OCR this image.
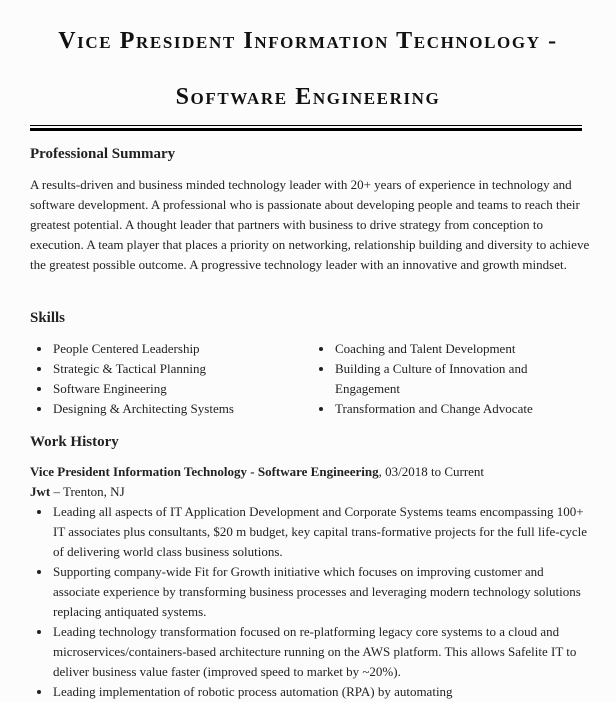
Vice President Information Technology -
Software Engineering
Professional Summary

A results-driven and business minded technology leader with 20+ years of experience in technology and software development. A professional who is passionate about developing people and teams to reach their greatest potential. A thought leader that partners with business to drive strategy from conception to execution. A team player that places a priority on networking, relationship building and diversity to achieve the greatest possible outcome. A progressive technology leader with an innovative and growth mindset.

Skills
People Centered Leadership
Strategic & Tactical Planning
Software Engineering
Designing & Architecting Systems
Coaching and Talent Development
Building a Culture of Innovation and Engagement
Transformation and Change Advocate
Work History

Vice President Information Technology - Software Engineering, 03/2018 to Current

Jwt – Trenton, NJ

Leading all aspects of IT Application Development and Corporate Systems teams encompassing 100+ IT associates plus consultants, $20 m budget, key capital trans-formative projects for the full life-cycle of delivering world class business solutions.
Supporting company-wide Fit for Growth initiative which focuses on improving customer and associate experience by transforming business processes and leveraging modern technology solutions replacing antiquated systems.
Leading technology transformation focused on re-platforming legacy core systems to a cloud and microservices/containers-based architecture running on the AWS platform. This allows Safelite IT to deliver business value faster (improved speed to market by ~20%).
Leading implementation of robotic process automation (RPA) by automating
